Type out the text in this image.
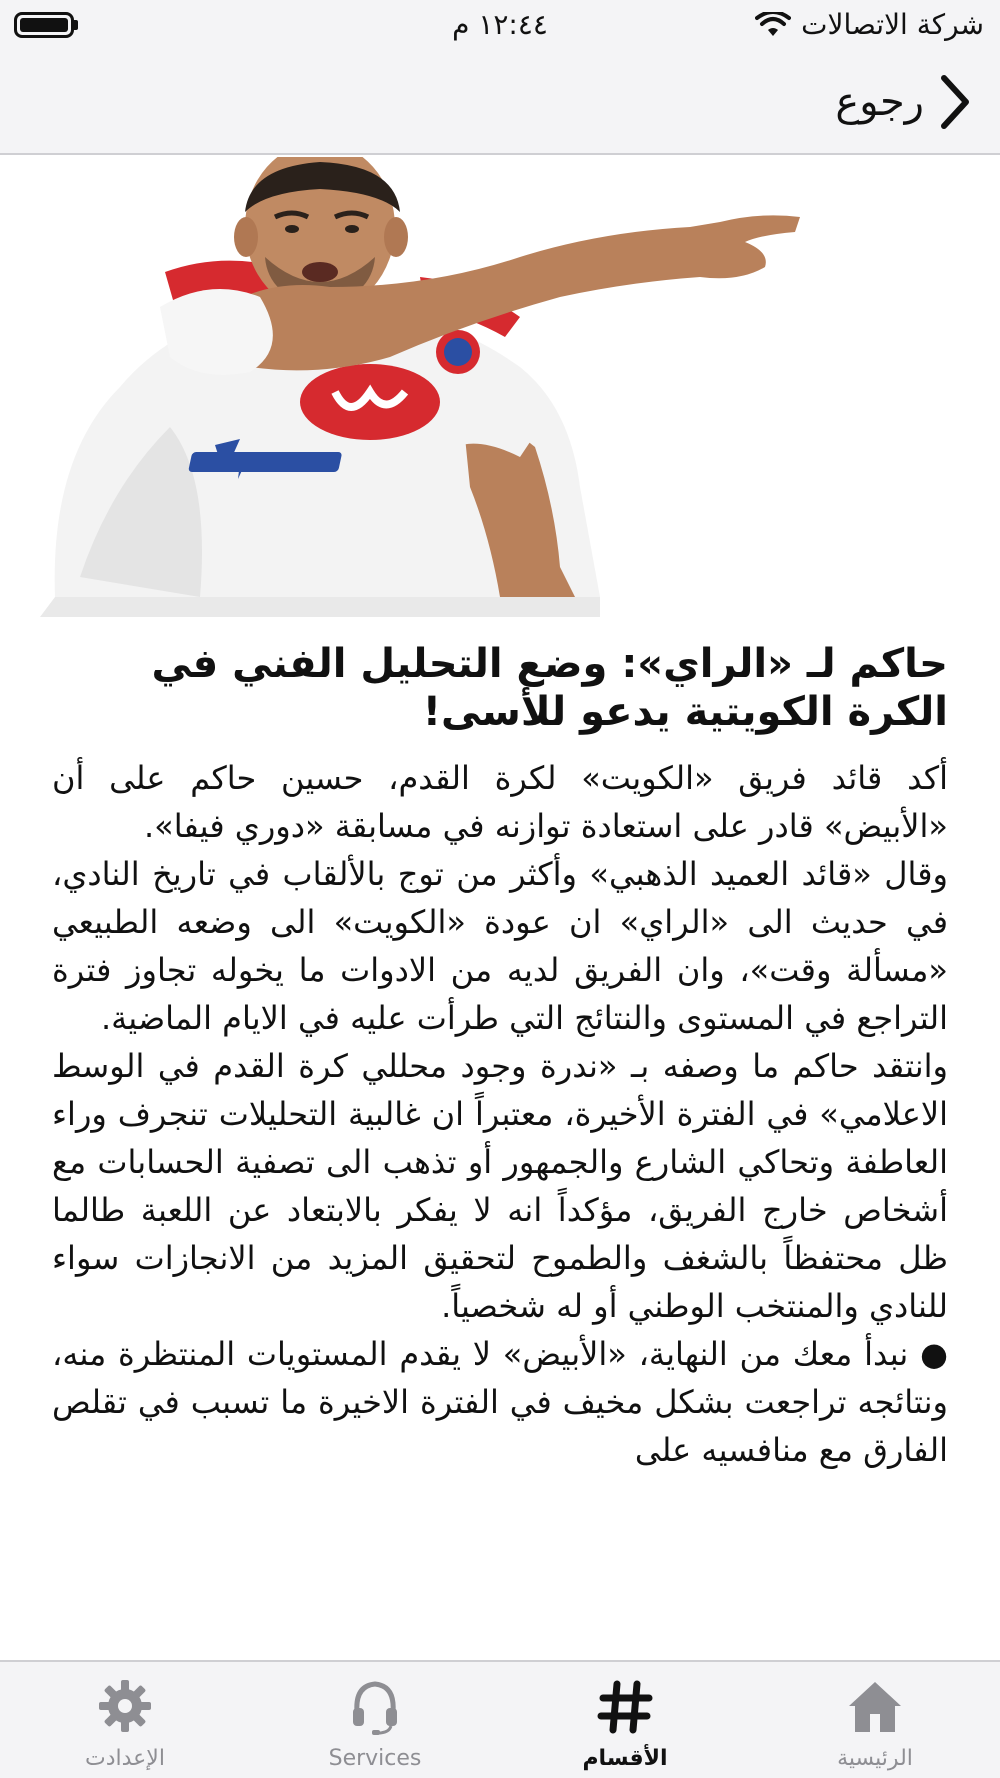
١٢:٤٤ م	شركة الاتصالات
رجوع
حاكم لـ «الراي»: وضع التحليل الفني في الكرة الكويتية يدعو للأسى!

أكد قائد فريق «الكويت» لكرة القدم، حسين حاكم على أن «الأبيض» قادر على استعادة توازنه في مسابقة «دوري فيفا».

وقال «قائد العميد الذهبي» وأكثر من توج بالألقاب في تاريخ النادي، في حديث الى «الراي» ان عودة «الكويت» الى وضعه الطبيعي «مسألة وقت»، وان الفريق لديه من الادوات ما يخوله تجاوز فترة التراجع في المستوى والنتائج التي طرأت عليه في الايام الماضية.

وانتقد حاكم ما وصفه بـ «ندرة وجود محللي كرة القدم في الوسط الاعلامي» في الفترة الأخيرة، معتبراً ان غالبية التحليلات تنجرف وراء العاطفة وتحاكي الشارع والجمهور أو تذهب الى تصفية الحسابات مع أشخاص خارج الفريق، مؤكداً انه لا يفكر بالابتعاد عن اللعبة طالما ظل محتفظاً بالشغف والطموح لتحقيق المزيد من الانجازات سواء للنادي والمنتخب الوطني أو له شخصياً.

● نبدأ معك من النهاية، «الأبيض» لا يقدم المستويات المنتظرة منه، ونتائجه تراجعت بشكل مخيف في الفترة الاخيرة ما تسبب في تقلص الفارق مع منافسيه على

الإعدادت	Services	الأقسام	الرئيسية
